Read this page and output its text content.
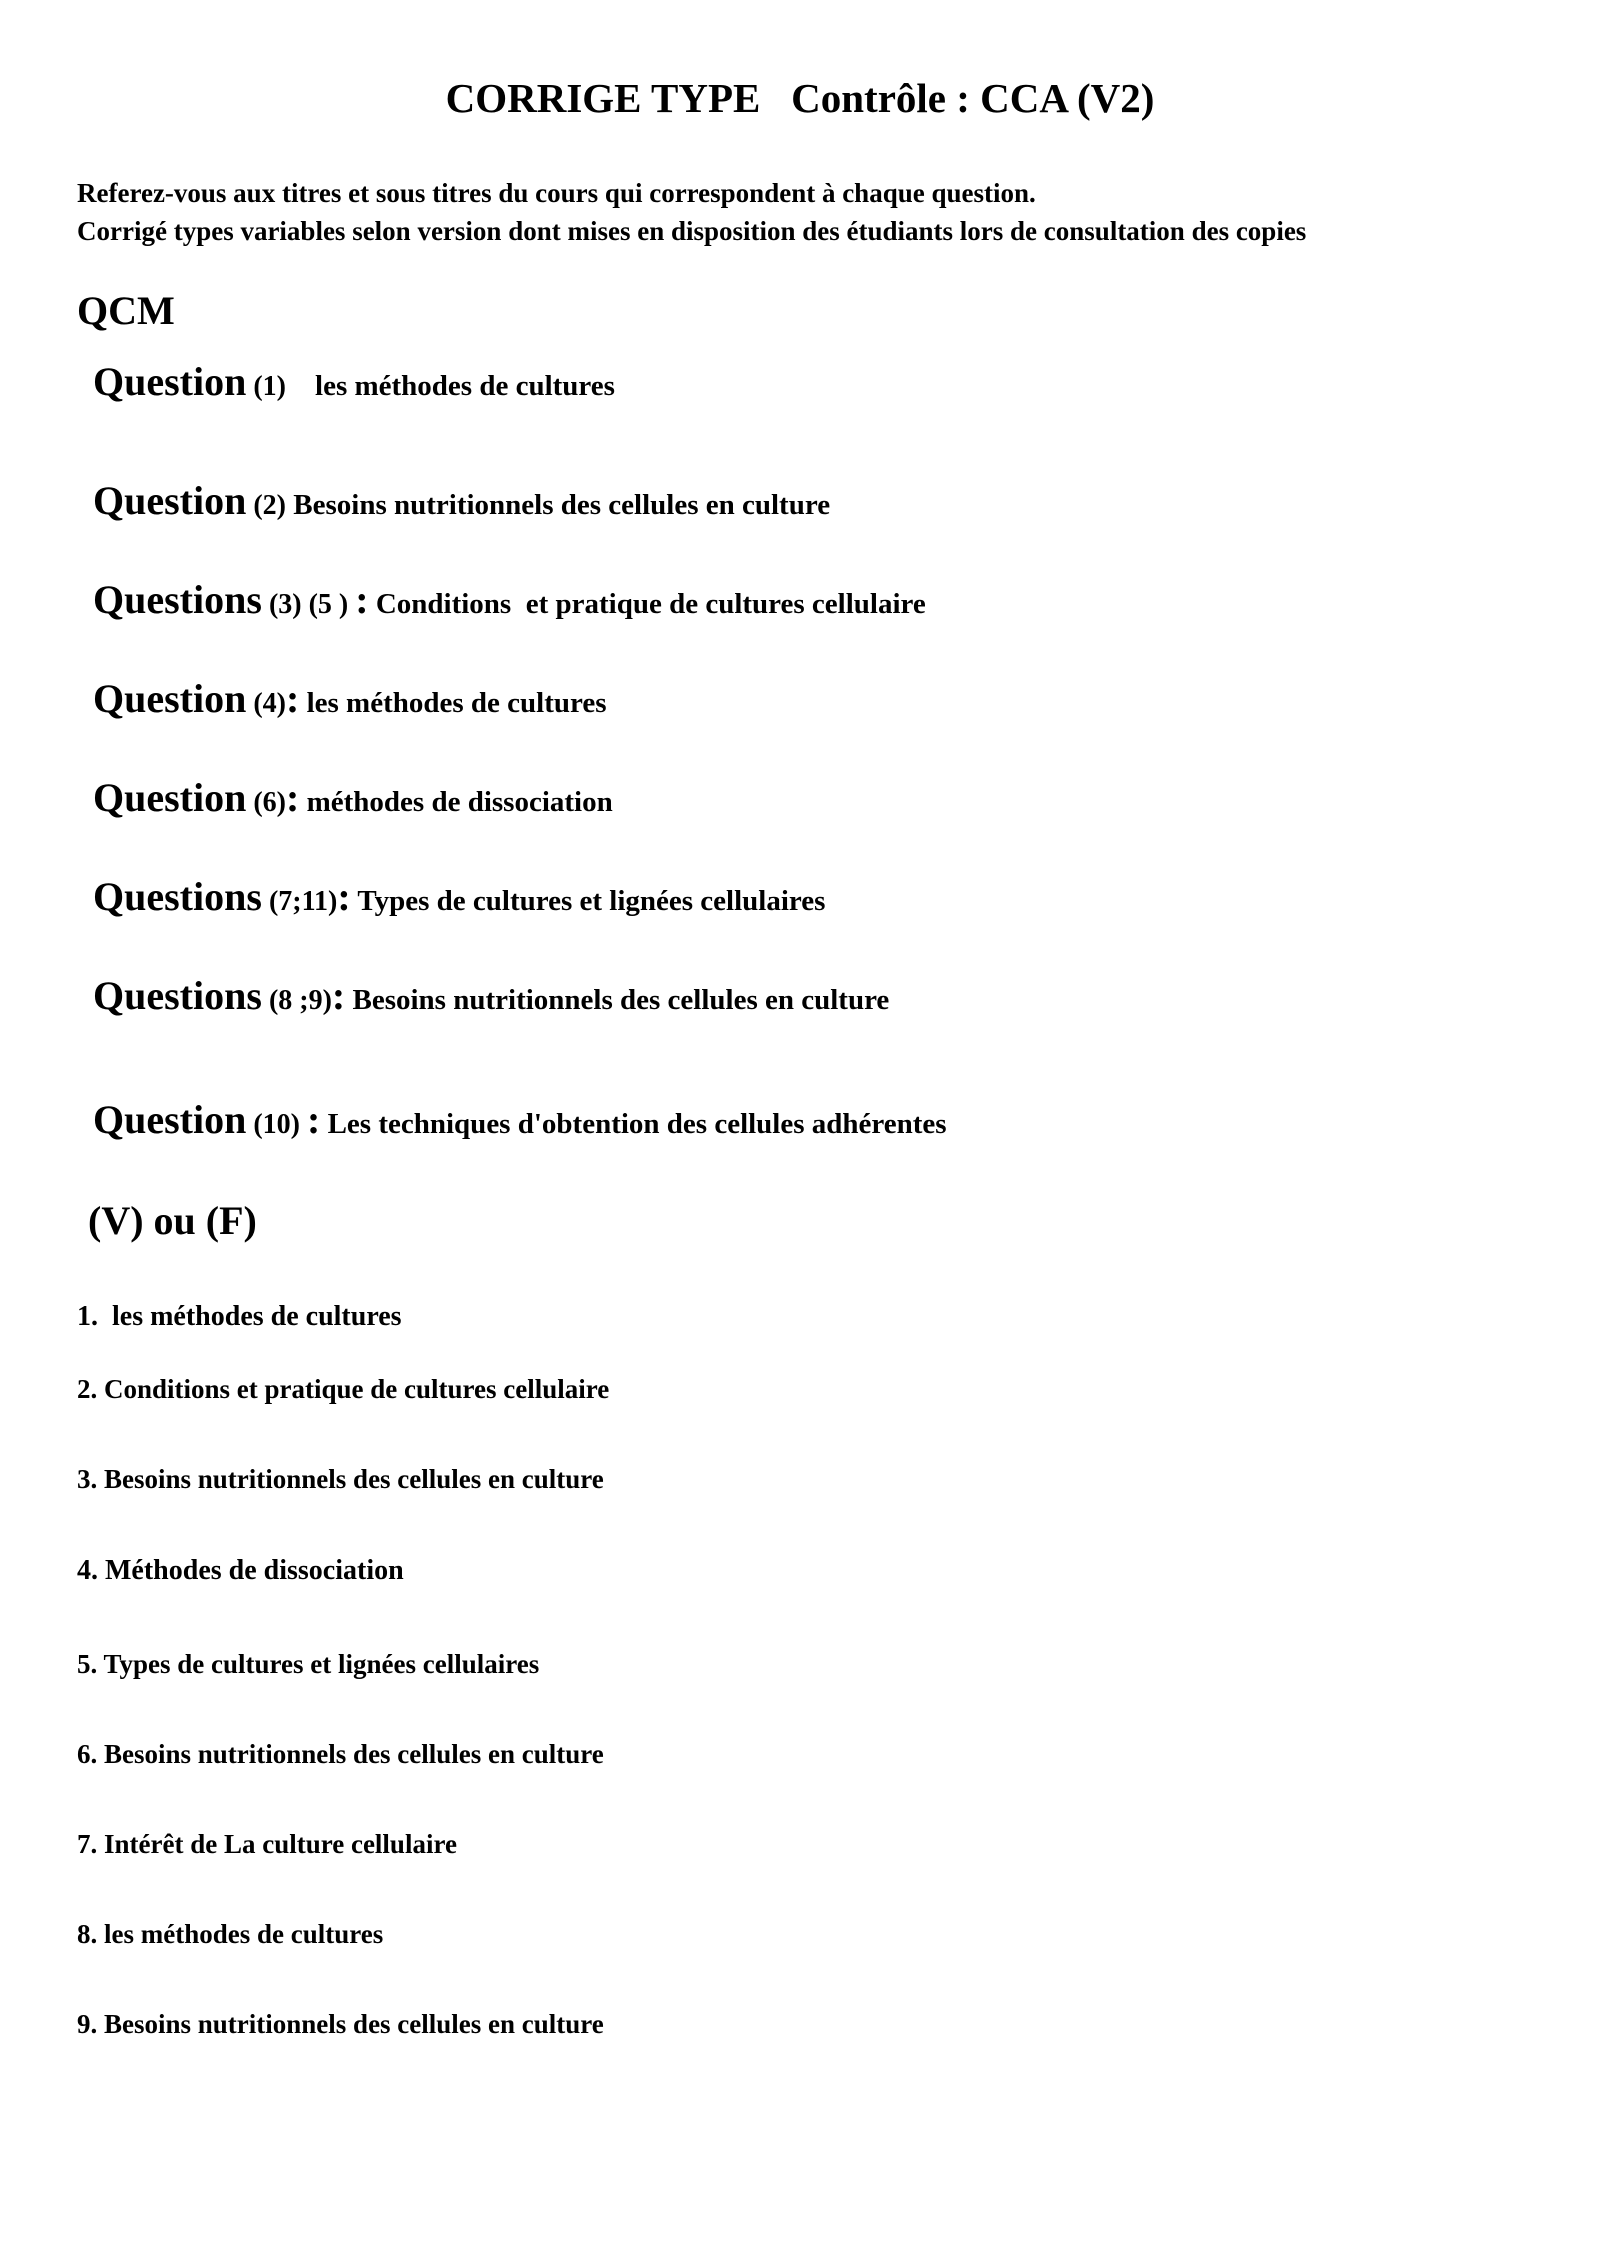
CORRIGE TYPE   Contrôle : CCA (V2)
Referez-vous aux titres et sous titres du cours qui correspondent à chaque question.
Corrigé types variables selon version dont mises en disposition des étudiants lors de consultation des copies
QCM

Question (1)    les méthodes de cultures

Question (2) Besoins nutritionnels des cellules en culture

Questions (3) (5 ) : Conditions  et pratique de cultures cellulaire

Question (4): les méthodes de cultures

Question (6): méthodes de dissociation

Questions (7;11): Types de cultures et lignées cellulaires

Questions (8 ;9): Besoins nutritionnels des cellules en culture

Question (10) : Les techniques d'obtention des cellules adhérentes

(V) ou (F)
1.  les méthodes de cultures
2. Conditions et pratique de cultures cellulaire
3. Besoins nutritionnels des cellules en culture
4. Méthodes de dissociation
5. Types de cultures et lignées cellulaires
6. Besoins nutritionnels des cellules en culture
7. Intérêt de La culture cellulaire
8. les méthodes de cultures
9. Besoins nutritionnels des cellules en culture
